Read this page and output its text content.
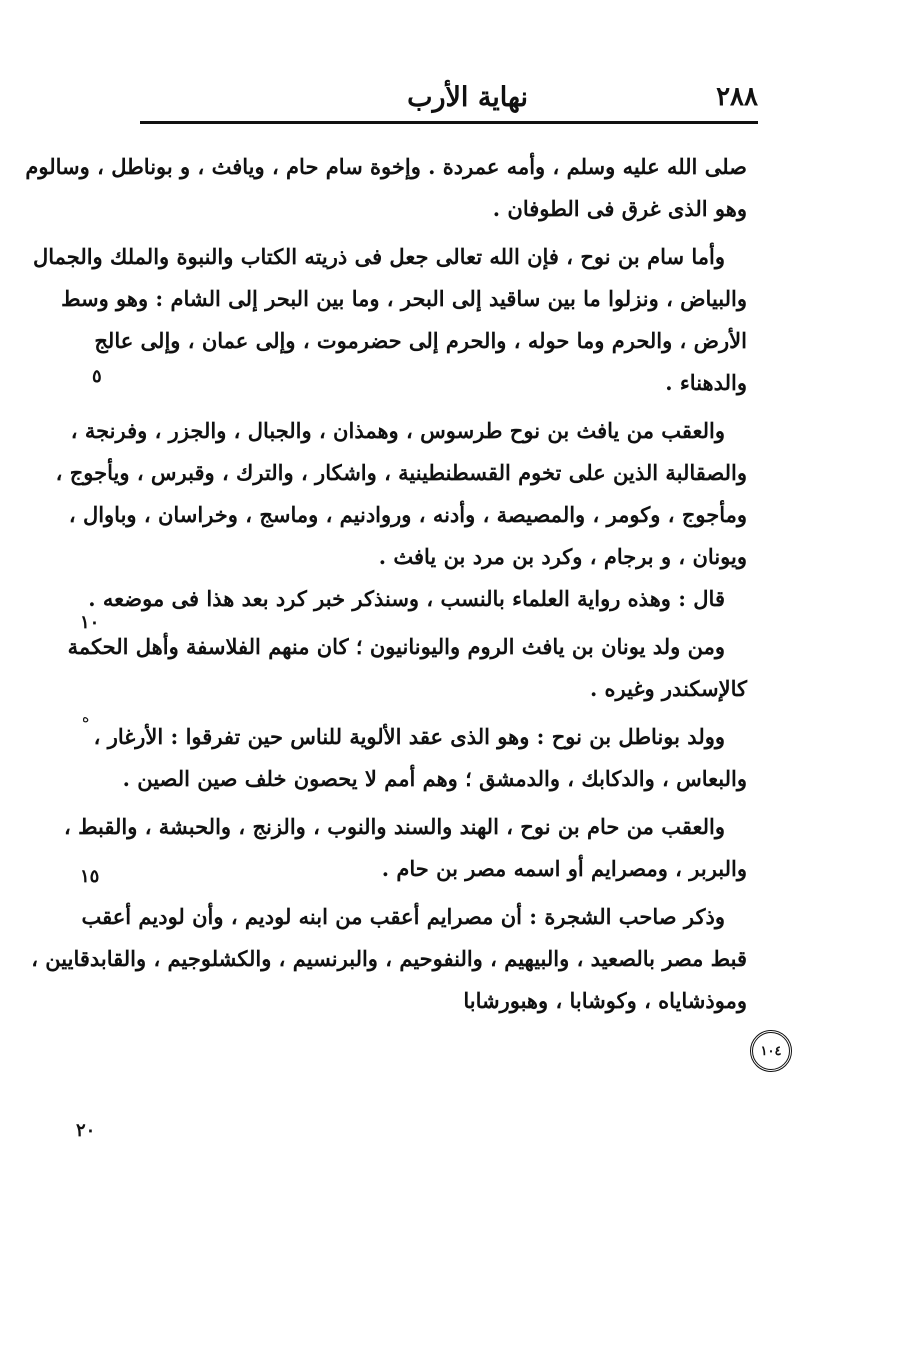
٢٨٨
نهاية الأرب
صلى الله عليه وسلم ، وأمه عمردة . وإخوة سام حام ، ويافث ، و بوناطل ، وسالوم
وهو الذى غرق فى الطوفان .
وأما سام بن نوح ، فإن الله تعالى جعل فى ذريته الكتاب والنبوة والملك والجمال
والبياض ، ونزلوا ما بين ساقيد إلى البحر ، وما بين البحر إلى الشام : وهو وسط
الأرض ، والحرم وما حوله ، والحرم إلى حضرموت ، وإلى عمان ، وإلى عالج
والدهناء .
والعقب من يافث بن نوح طرسوس ، وهمذان ، والجبال ، والجزر ، وفرنجة ،
والصقالبة الذين على تخوم القسطنطينية ، واشكار ، والترك ، وقبرس ، ويأجوج ،
ومأجوج ، وكومر ، والمصيصة ، وأدنه ، وروادنيم ، وماسج ، وخراسان ، وباوال ،
ويونان ، و برجام ، وكرد بن مرد بن يافث .
قال : وهذه رواية العلماء بالنسب ، وسنذكر خبر كرد بعد هذا فى موضعه .
ومن ولد يونان بن يافث الروم واليونانيون ؛ كان منهم الفلاسفة وأهل الحكمة
كالإسكندر وغيره .
وولد بوناطل بن نوح : وهو الذى عقد الألوية للناس حين تفرقوا : الأرغار ،
والبعاس ، والدكابك ، والدمشق ؛ وهم أمم لا يحصون خلف صين الصين .
والعقب من حام بن نوح ، الهند والسند والنوب ، والزنج ، والحبشة ، والقبط ،
والبربر ، ومصرايم أو اسمه مصر بن حام .
وذكر صاحب الشجرة : أن مصرايم أعقب من ابنه لوديم ، وأن لوديم أعقب
قبط مصر بالصعيد ، والبيهيم ، والنفوحيم ، والبرنسيم ، والكشلوجيم ، والقابدقايين ،
وموذشاياه ، وكوشابا ، وهبورشابا
٥
١٠
ه
١٥
٢٠
١٠٤
